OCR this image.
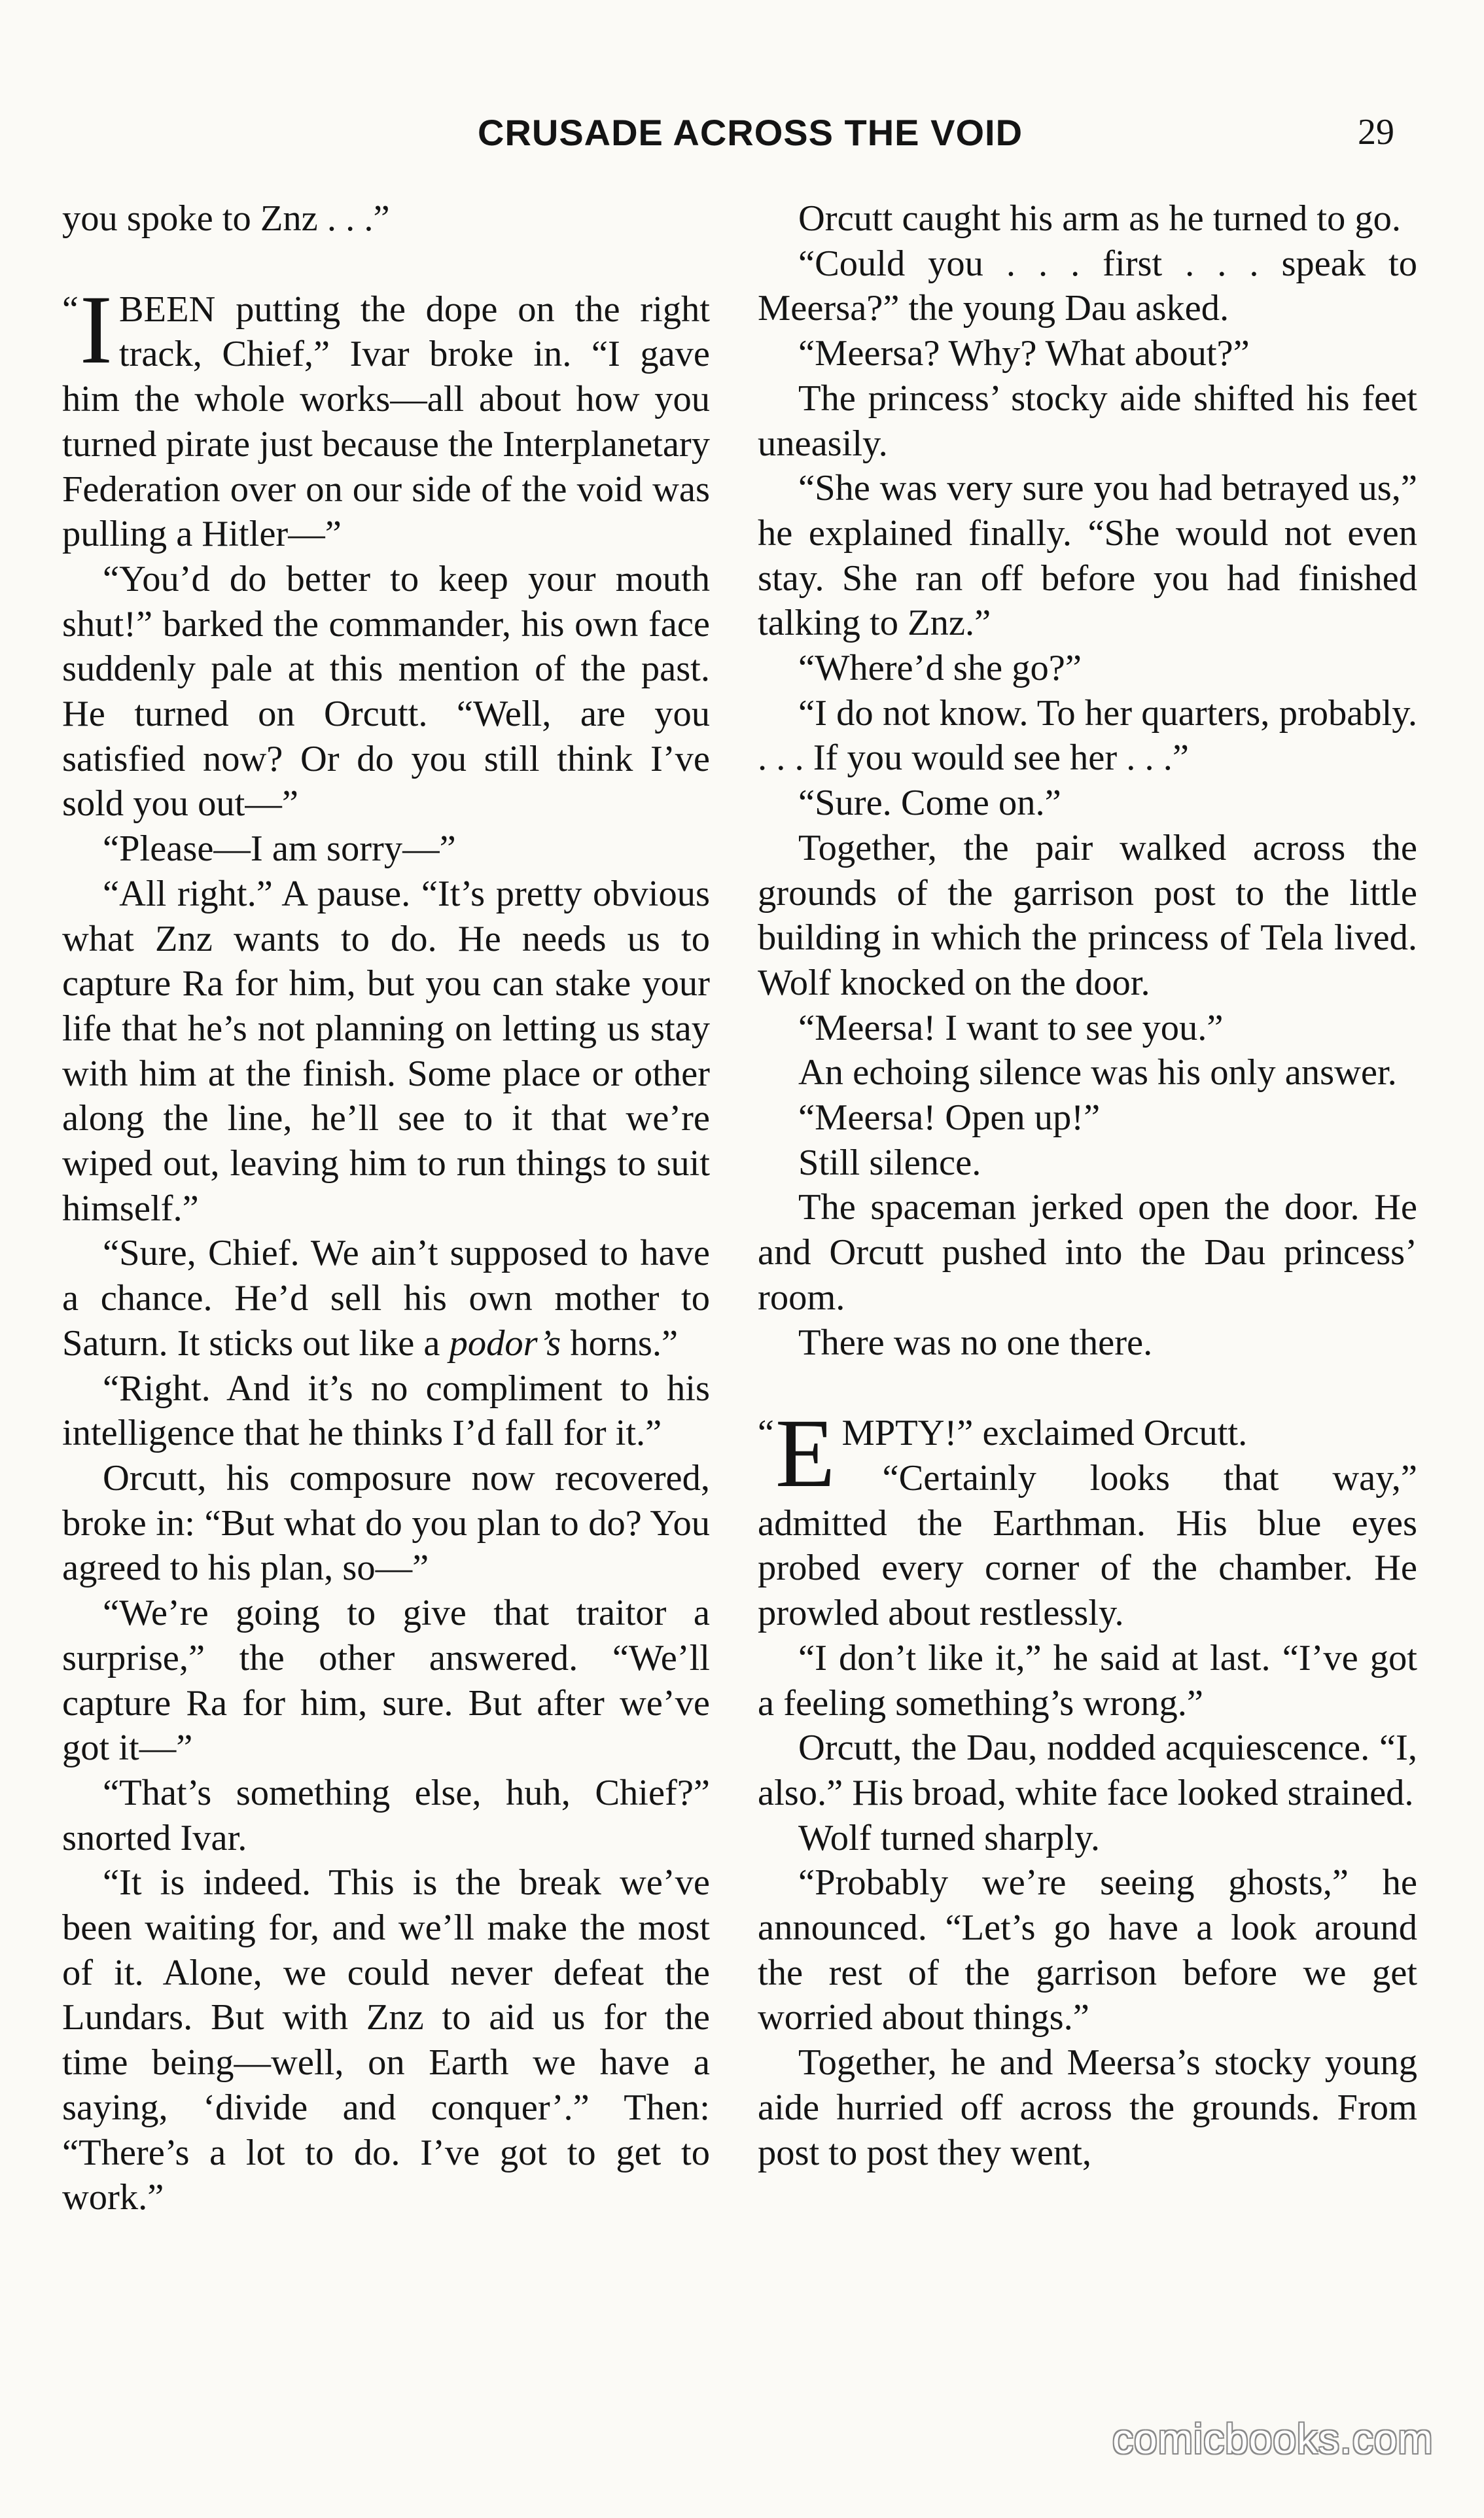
CRUSADE ACROSS THE VOID	29

you spoke to Znz . . .”

“ I BEEN putting the dope on the right track, Chief,” Ivar broke in. “I gave him the whole works—all about how you turned pirate just because the Interplanetary Federation over on our side of the void was pulling a Hitler—”

“You’d do better to keep your mouth shut!” barked the commander, his own face suddenly pale at this mention of the past. He turned on Orcutt. “Well, are you satisfied now? Or do you still think I’ve sold you out—”

“Please—I am sorry—”

“All right.” A pause. “It’s pretty obvious what Znz wants to do. He needs us to capture Ra for him, but you can stake your life that he’s not planning on letting us stay with him at the finish. Some place or other along the line, he’ll see to it that we’re wiped out, leaving him to run things to suit himself.”

“Sure, Chief. We ain’t supposed to have a chance. He’d sell his own mother to Saturn. It sticks out like a podor’s horns.”

“Right. And it’s no compliment to his intelligence that he thinks I’d fall for it.”

Orcutt, his composure now recovered, broke in: “But what do you plan to do? You agreed to his plan, so—”

“We’re going to give that traitor a surprise,” the other answered. “We’ll capture Ra for him, sure. But after we’ve got it—”

“That’s something else, huh, Chief?” snorted Ivar.

“It is indeed. This is the break we’ve been waiting for, and we’ll make the most of it. Alone, we could never defeat the Lundars. But with Znz to aid us for the time being—well, on Earth we have a saying, ‘divide and conquer’.” Then: “There’s a lot to do. I’ve got to get to work.”

Orcutt caught his arm as he turned to go.

“Could you . . . first . . . speak to Meersa?” the young Dau asked.

“Meersa? Why? What about?”

The princess’ stocky aide shifted his feet uneasily.

“She was very sure you had betrayed us,” he explained finally. “She would not even stay. She ran off before you had finished talking to Znz.”

“Where’d she go?”

“I do not know. To her quarters, probably. . . . If you would see her . . .”

“Sure. Come on.”

Together, the pair walked across the grounds of the garrison post to the little building in which the princess of Tela lived. Wolf knocked on the door.

“Meersa! I want to see you.”

An echoing silence was his only answer.

“Meersa! Open up!”

Still silence.

The spaceman jerked open the door. He and Orcutt pushed into the Dau princess’ room.

There was no one there.

“ E MPTY!” exclaimed Orcutt.

“Certainly looks that way,” admitted the Earthman. His blue eyes probed every corner of the chamber. He prowled about restlessly.

“I don’t like it,” he said at last. “I’ve got a feeling something’s wrong.”

Orcutt, the Dau, nodded acquiescence. “I, also.” His broad, white face looked strained.

Wolf turned sharply.

“Probably we’re seeing ghosts,” he announced. “Let’s go have a look around the rest of the garrison before we get worried about things.”

Together, he and Meersa’s stocky young aide hurried off across the grounds. From post to post they went,

comicbooks.com
